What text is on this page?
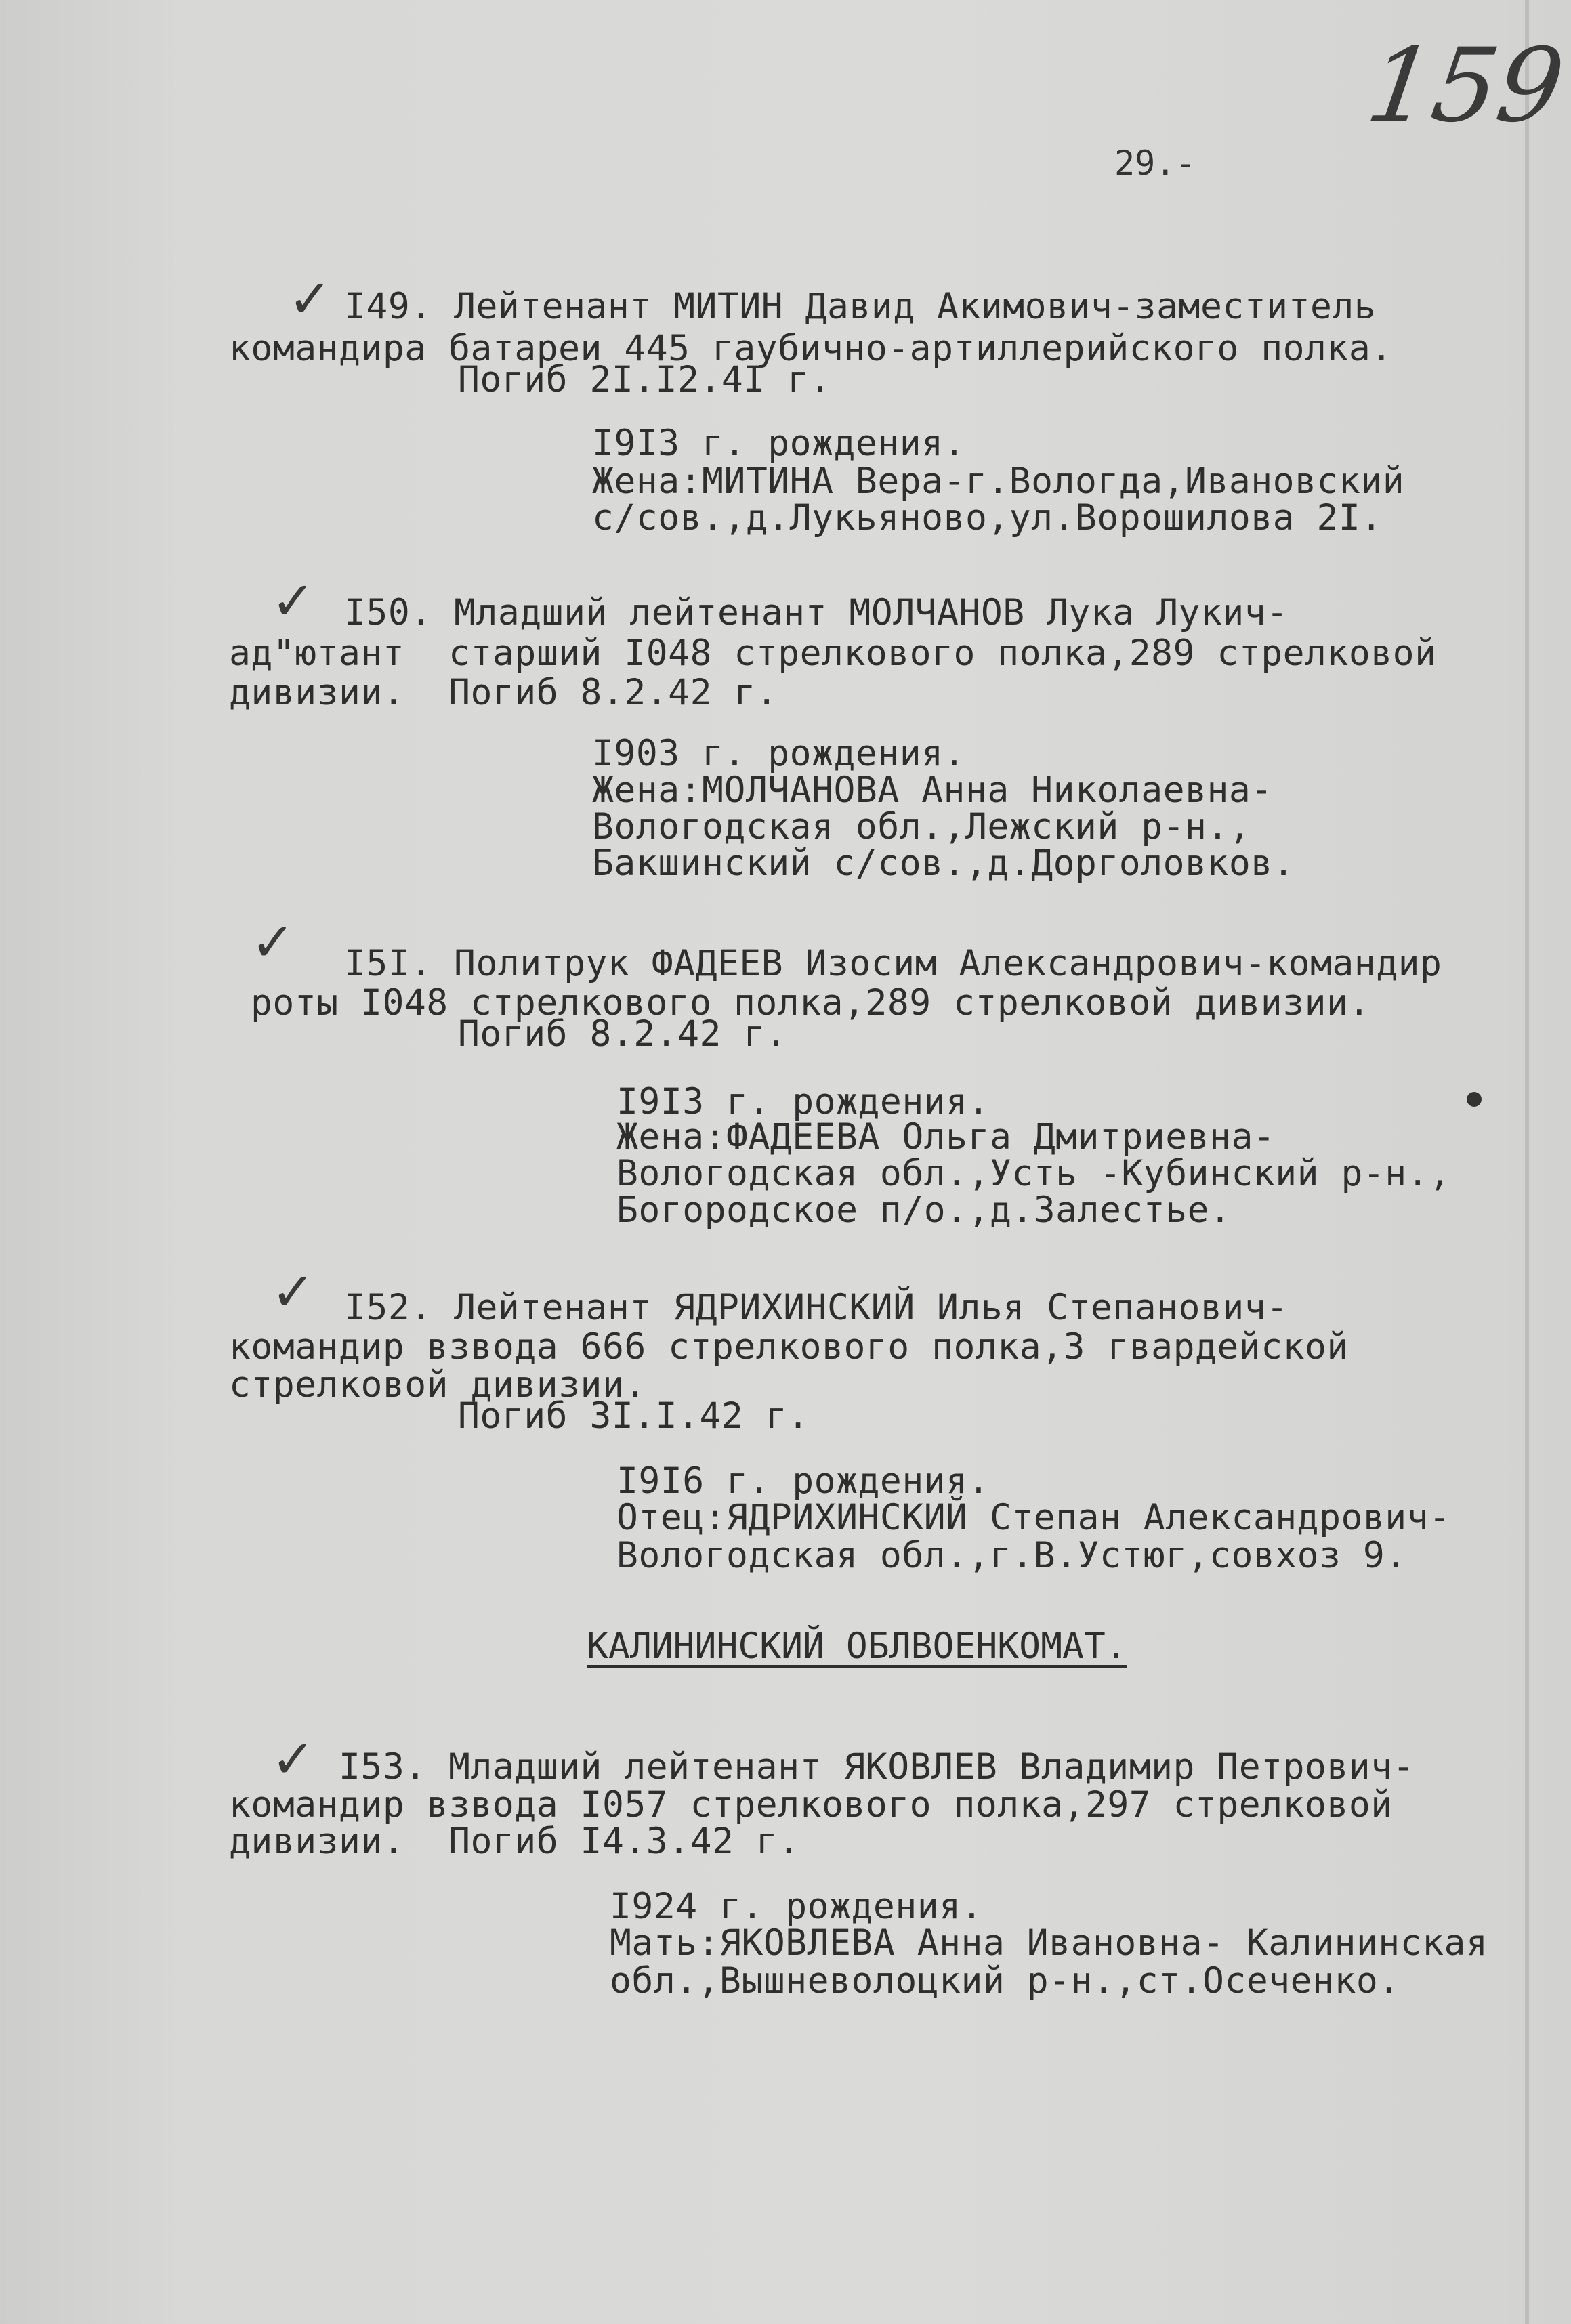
159
29.-
✓ I49. Лейтенант МИТИН Давид Акимович-заместитель
командира батареи 445 гаубично-артиллерийского полка.
Погиб 2I.I2.4I г.
I9I3 г. рождения.
Жена:МИТИНА Вера-г.Вологда,Ивановский
с/сов.,д.Лукьяново,ул.Ворошилова 2I.
✓ I50. Младший лейтенант МОЛЧАНОВ Лука Лукич-
ад"ютант  старший I048 стрелкового полка,289 стрелковой
дивизии.  Погиб 8.2.42 г.
I903 г. рождения.
Жена:МОЛЧАНОВА Анна Николаевна-
Вологодская обл.,Лежский р-н.,
Бакшинский с/сов.,д.Дорголовков.
✓ I5I. Политрук ФАДЕЕВ Изосим Александрович-командир
роты I048 стрелкового полка,289 стрелковой дивизии.
Погиб 8.2.42 г.
I9I3 г. рождения.
Жена:ФАДЕЕВА Ольга Дмитриевна-
Вологодская обл.,Усть -Кубинский р-н.,
Богородское п/о.,д.Залестье.
✓ I52. Лейтенант ЯДРИХИНСКИЙ Илья Степанович-
командир взвода 666 стрелкового полка,3 гвардейской
стрелковой дивизии.
Погиб 3I.I.42 г.
I9I6 г. рождения.
Отец:ЯДРИХИНСКИЙ Степан Александрович-
Вологодская обл.,г.В.Устюг,совхоз 9.
КАЛИНИНСКИЙ ОБЛВОЕНКОМАТ.
✓ I53. Младший лейтенант ЯКОВЛЕВ Владимир Петрович-
командир взвода I057 стрелкового полка,297 стрелковой
дивизии.  Погиб I4.3.42 г.
I924 г. рождения.
Мать:ЯКОВЛЕВА Анна Ивановна- Калининская
обл.,Вышневолоцкий р-н.,ст.Осеченко.
